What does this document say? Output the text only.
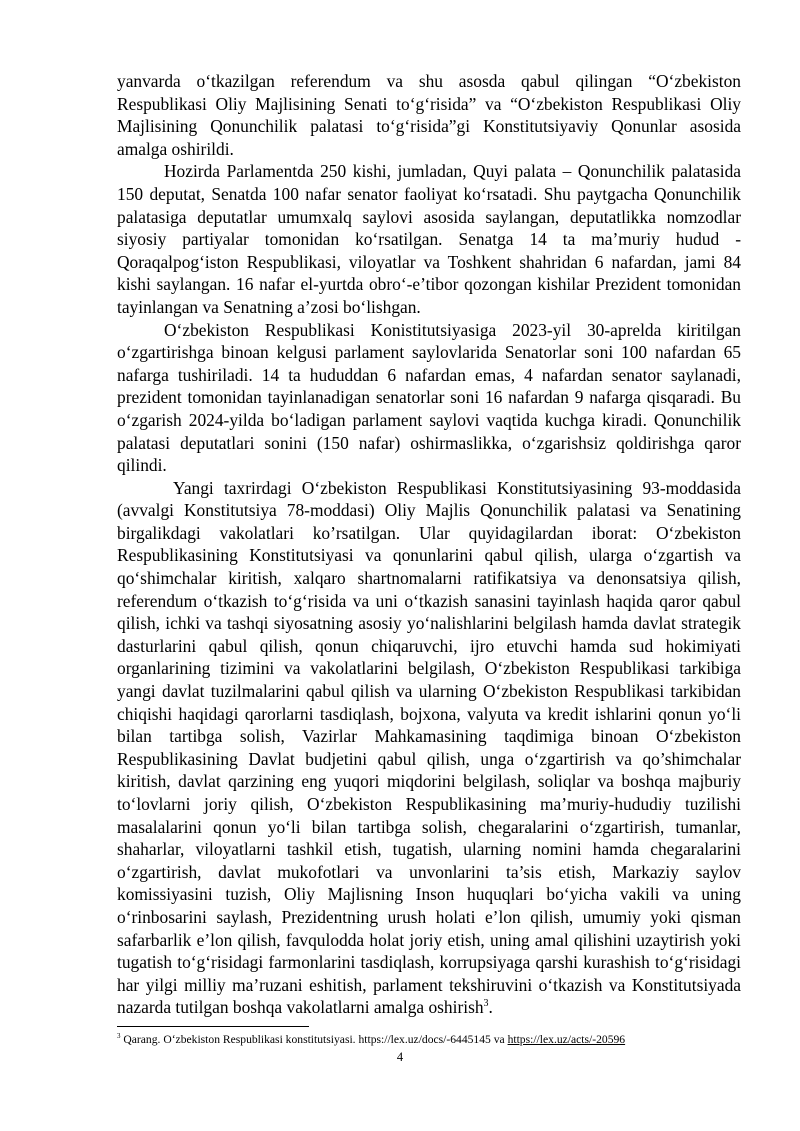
yanvarda o‘tkazilgan referendum va shu asosda qabul qilingan “O‘zbekiston Respublikasi Oliy Majlisining Senati to‘g‘risida” va “O‘zbekiston Respublikasi Oliy Majlisining Qonunchilik palatasi to‘g‘risida”gi Konstitutsiyaviy Qonunlar asosida amalga oshirildi.

Hozirda Parlamentda 250 kishi, jumladan, Quyi palata – Qonunchilik palatasida 150 deputat, Senatda 100 nafar senator faoliyat ko‘rsatadi. Shu paytgacha Qonunchilik palatasiga deputatlar umumxalq saylovi asosida saylangan, deputatlikka nomzodlar siyosiy partiyalar tomonidan ko‘rsatilgan. Senatga 14 ta ma’muriy hudud - Qoraqalpog‘iston Respublikasi, viloyatlar va Toshkent shahridan 6 nafardan, jami 84 kishi saylangan. 16 nafar el-yurtda obro‘-e’tibor qozongan kishilar Prezident tomonidan tayinlangan va Senatning a’zosi bo‘lishgan.

O‘zbekiston Respublikasi Konistitutsiyasiga 2023-yil 30-aprelda kiritilgan o‘zgartirishga binoan kelgusi parlament saylovlarida Senatorlar soni 100 nafardan 65 nafarga tushiriladi. 14 ta hududdan 6 nafardan emas, 4 nafardan senator saylanadi, prezident tomonidan tayinlanadigan senatorlar soni 16 nafardan 9 nafarga qisqaradi. Bu o‘zgarish 2024-yilda bo‘ladigan parlament saylovi vaqtida kuchga kiradi. Qonunchilik palatasi deputatlari sonini (150 nafar) oshirmaslikka, o‘zgarishsiz qoldirishga qaror qilindi.

Yangi taxrirdagi O‘zbekiston Respublikasi Konstitutsiyasining 93-moddasida (avvalgi Konstitutsiya 78-moddasi) Oliy Majlis Qonunchilik palatasi va Senatining birgalikdagi vakolatlari ko’rsatilgan. Ular quyidagilardan iborat: O‘zbekiston Respublikasining Konstitutsiyasi va qonunlarini qabul qilish, ularga o‘zgartish va qo‘shimchalar kiritish, xalqaro shartnomalarni ratifikatsiya va denonsatsiya qilish, referendum o‘tkazish to‘g‘risida va uni o‘tkazish sanasini tayinlash haqida qaror qabul qilish, ichki va tashqi siyosatning asosiy yo‘nalishlarini belgilash hamda davlat strategik dasturlarini qabul qilish, qonun chiqaruvchi, ijro etuvchi hamda sud hokimiyati organlarining tizimini va vakolatlarini belgilash, O‘zbekiston Respublikasi tarkibiga yangi davlat tuzilmalarini qabul qilish va ularning O‘zbekiston Respublikasi tarkibidan chiqishi haqidagi qarorlarni tasdiqlash, bojxona, valyuta va kredit ishlarini qonun yo‘li bilan tartibga solish, Vazirlar Mahkamasining taqdimiga binoan O‘zbekiston Respublikasining Davlat budjetini qabul qilish, unga o‘zgartirish va qo’shimchalar kiritish, davlat qarzining eng yuqori miqdorini belgilash, soliqlar va boshqa majburiy to‘lovlarni joriy qilish, O‘zbekiston Respublikasining ma’muriy-hududiy tuzilishi masalalarini qonun yo‘li bilan tartibga solish, chegaralarini o‘zgartirish, tumanlar, shaharlar, viloyatlarni tashkil etish, tugatish, ularning nomini hamda chegaralarini o‘zgartirish, davlat mukofotlari va unvonlarini ta’sis etish, Markaziy saylov komissiyasini tuzish, Oliy Majlisning Inson huquqlari bo‘yicha vakili va uning o‘rinbosarini saylash, Prezidentning urush holati e’lon qilish, umumiy yoki qisman safarbarlik e’lon qilish, favqulodda holat joriy etish, uning amal qilishini uzaytirish yoki tugatish to‘g‘risidagi farmonlarini tasdiqlash, korrupsiyaga qarshi kurashish to‘g‘risidagi har yilgi milliy ma’ruzani eshitish, parlament tekshiruvini o‘tkazish va Konstitutsiyada nazarda tutilgan boshqa vakolatlarni amalga oshirish$^3$.

$^3$ Qarang. O‘zbekiston Respublikasi konstitutsiyasi. https://lex.uz/docs/-6445145 va https://lex.uz/acts/-20596
4
